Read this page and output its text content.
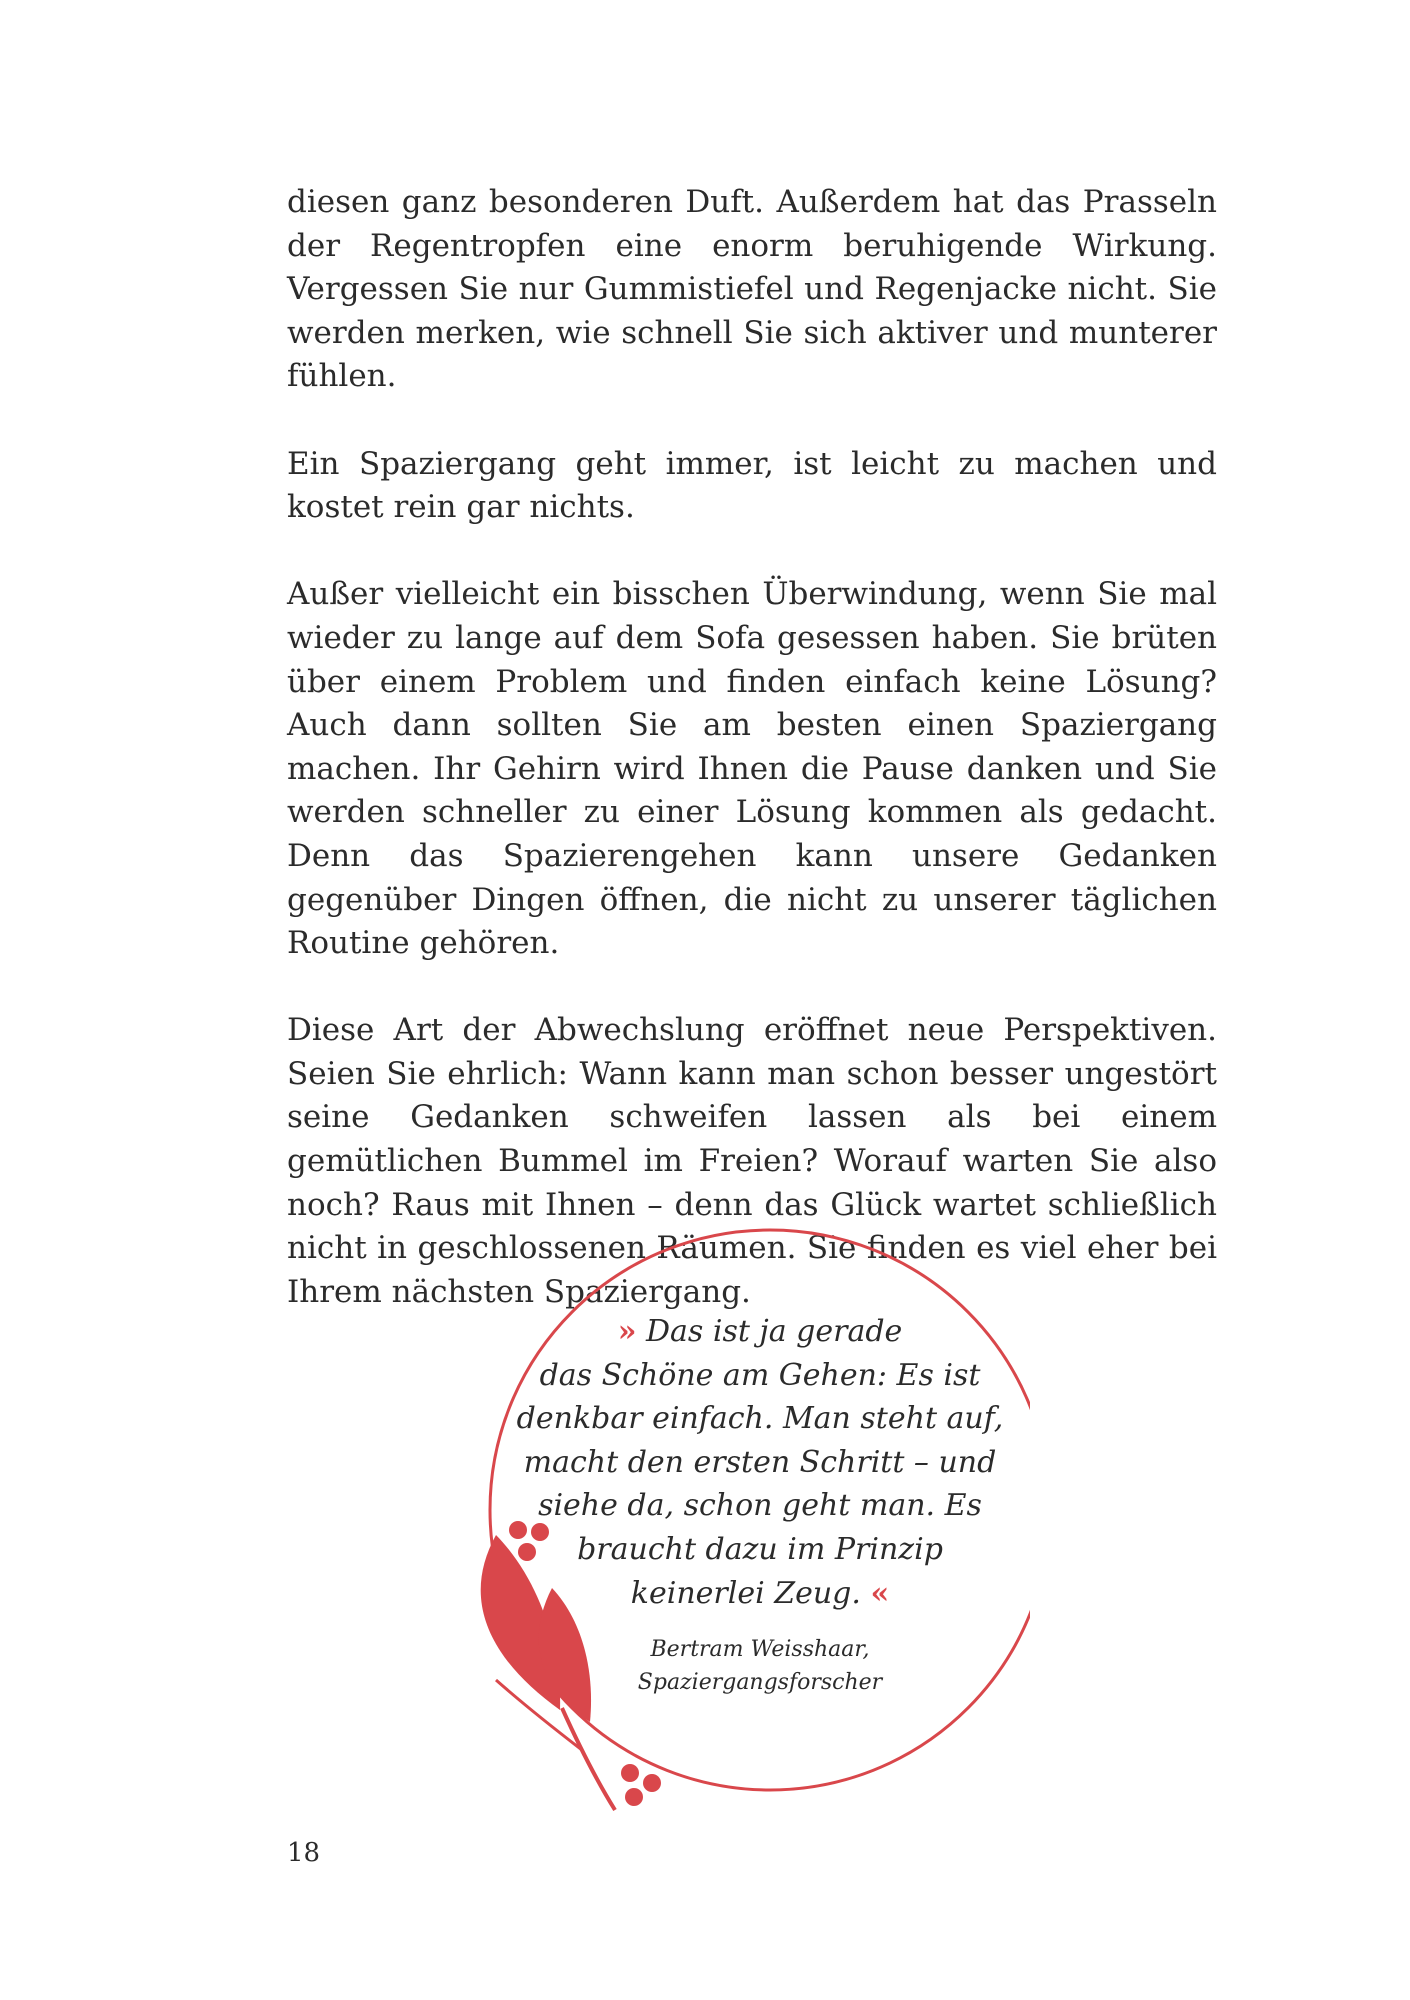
diesen ganz besonderen Duft. Außerdem hat das Prasseln der Regentropfen eine enorm beruhigende Wirkung. Vergessen Sie nur Gummistiefel und Regenjacke nicht. Sie werden merken, wie schnell Sie sich aktiver und munterer fühlen.

Ein Spaziergang geht immer, ist leicht zu machen und kostet rein gar nichts.

Außer vielleicht ein bisschen Überwindung, wenn Sie mal wieder zu lange auf dem Sofa gesessen haben. Sie brüten über einem Problem und finden einfach keine Lösung? Auch dann sollten Sie am besten einen Spaziergang machen. Ihr Gehirn wird Ihnen die Pause danken und Sie werden schneller zu einer Lösung kommen als gedacht. Denn das Spazierengehen kann unsere Gedanken gegenüber Dingen öffnen, die nicht zu unserer täglichen Routine gehören.

Diese Art der Abwechslung eröffnet neue Perspektiven. Seien Sie ehrlich: Wann kann man schon besser ungestört seine Gedanken schweifen lassen als bei einem gemütlichen Bummel im Freien? Worauf warten Sie also noch? Raus mit Ihnen – denn das Glück wartet schließlich nicht in geschlossenen Räumen. Sie finden es viel eher bei Ihrem nächsten Spaziergang.

» Das ist ja gerade
das Schöne am Gehen: Es ist
denkbar einfach. Man steht auf,
macht den ersten Schritt – und
siehe da, schon geht man. Es
braucht dazu im Prinzip
keinerlei Zeug. «
Bertram Weisshaar,
Spaziergangsforscher
18
